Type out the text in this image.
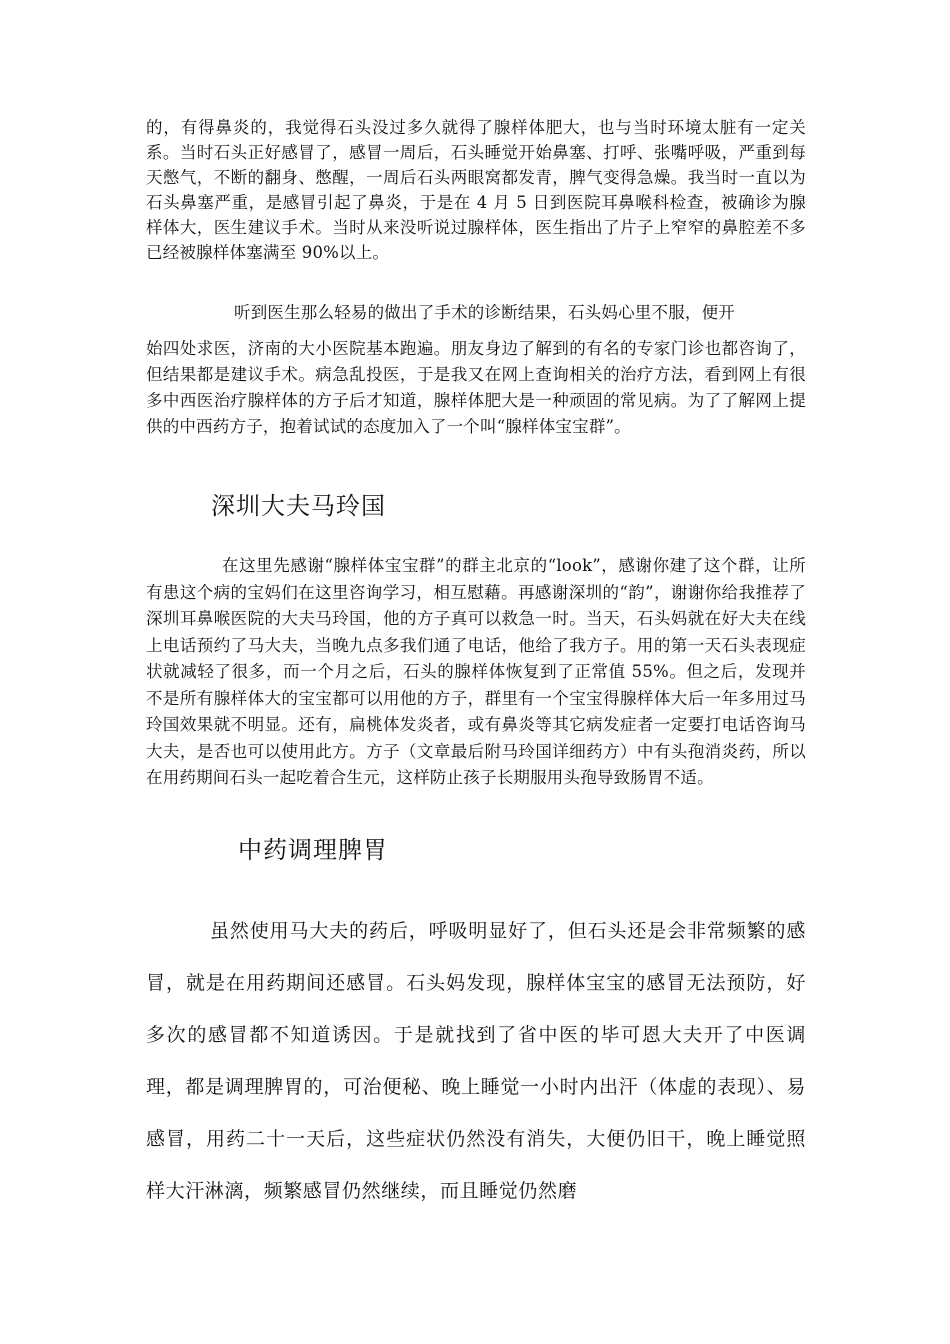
的，有得鼻炎的，我觉得石头没过多久就得了腺样体肥大，也与当时环境太脏有一定关系。当时石头正好感冒了，感冒一周后，石头睡觉开始鼻塞、打呼、张嘴呼吸，严重到每天憋气，不断的翻身、憋醒，一周后石头两眼窝都发青，脾气变得急燥。我当时一直以为石头鼻塞严重，是感冒引起了鼻炎，于是在 4 月 5 日到医院耳鼻喉科检查，被确诊为腺样体大，医生建议手术。当时从来没听说过腺样体，医生指出了片子上窄窄的鼻腔差不多已经被腺样体塞满至 90%以上。

听到医生那么轻易的做出了手术的诊断结果，石头妈心里不服，便开
始四处求医，济南的大小医院基本跑遍。朋友身边了解到的有名的专家门诊也都咨询了，但结果都是建议手术。病急乱投医，于是我又在网上查询相关的治疗方法，看到网上有很多中西医治疗腺样体的方子后才知道，腺样体肥大是一种顽固的常见病。为了了解网上提供的中西药方子，抱着试试的态度加入了一个叫“腺样体宝宝群”。

深圳大夫马玲国

在这里先感谢“腺样体宝宝群”的群主北京的“look”，感谢你建了这个群，让所有患这个病的宝妈们在这里咨询学习，相互慰藉。再感谢深圳的“韵”，谢谢你给我推荐了深圳耳鼻喉医院的大夫马玲国，他的方子真可以救急一时。当天，石头妈就在好大夫在线上电话预约了马大夫，当晚九点多我们通了电话，他给了我方子。用的第一天石头表现症状就减轻了很多，而一个月之后，石头的腺样体恢复到了正常值 55%。但之后，发现并不是所有腺样体大的宝宝都可以用他的方子，群里有一个宝宝得腺样体大后一年多用过马玲国效果就不明显。还有，扁桃体发炎者，或有鼻炎等其它病发症者一定要打电话咨询马大夫，是否也可以使用此方。方子（文章最后附马玲国详细药方）中有头孢消炎药，所以在用药期间石头一起吃着合生元，这样防止孩子长期服用头孢导致肠胃不适。

中药调理脾胃

虽然使用马大夫的药后，呼吸明显好了，但石头还是会非常频繁的感冒，就是在用药期间还感冒。石头妈发现，腺样体宝宝的感冒无法预防，好多次的感冒都不知道诱因。于是就找到了省中医的毕可恩大夫开了中医调理，都是调理脾胃的，可治便秘、晚上睡觉一小时内出汗（体虚的表现）、易感冒，用药二十一天后，这些症状仍然没有消失，大便仍旧干，晚上睡觉照样大汗淋漓，频繁感冒仍然继续，而且睡觉仍然磨
